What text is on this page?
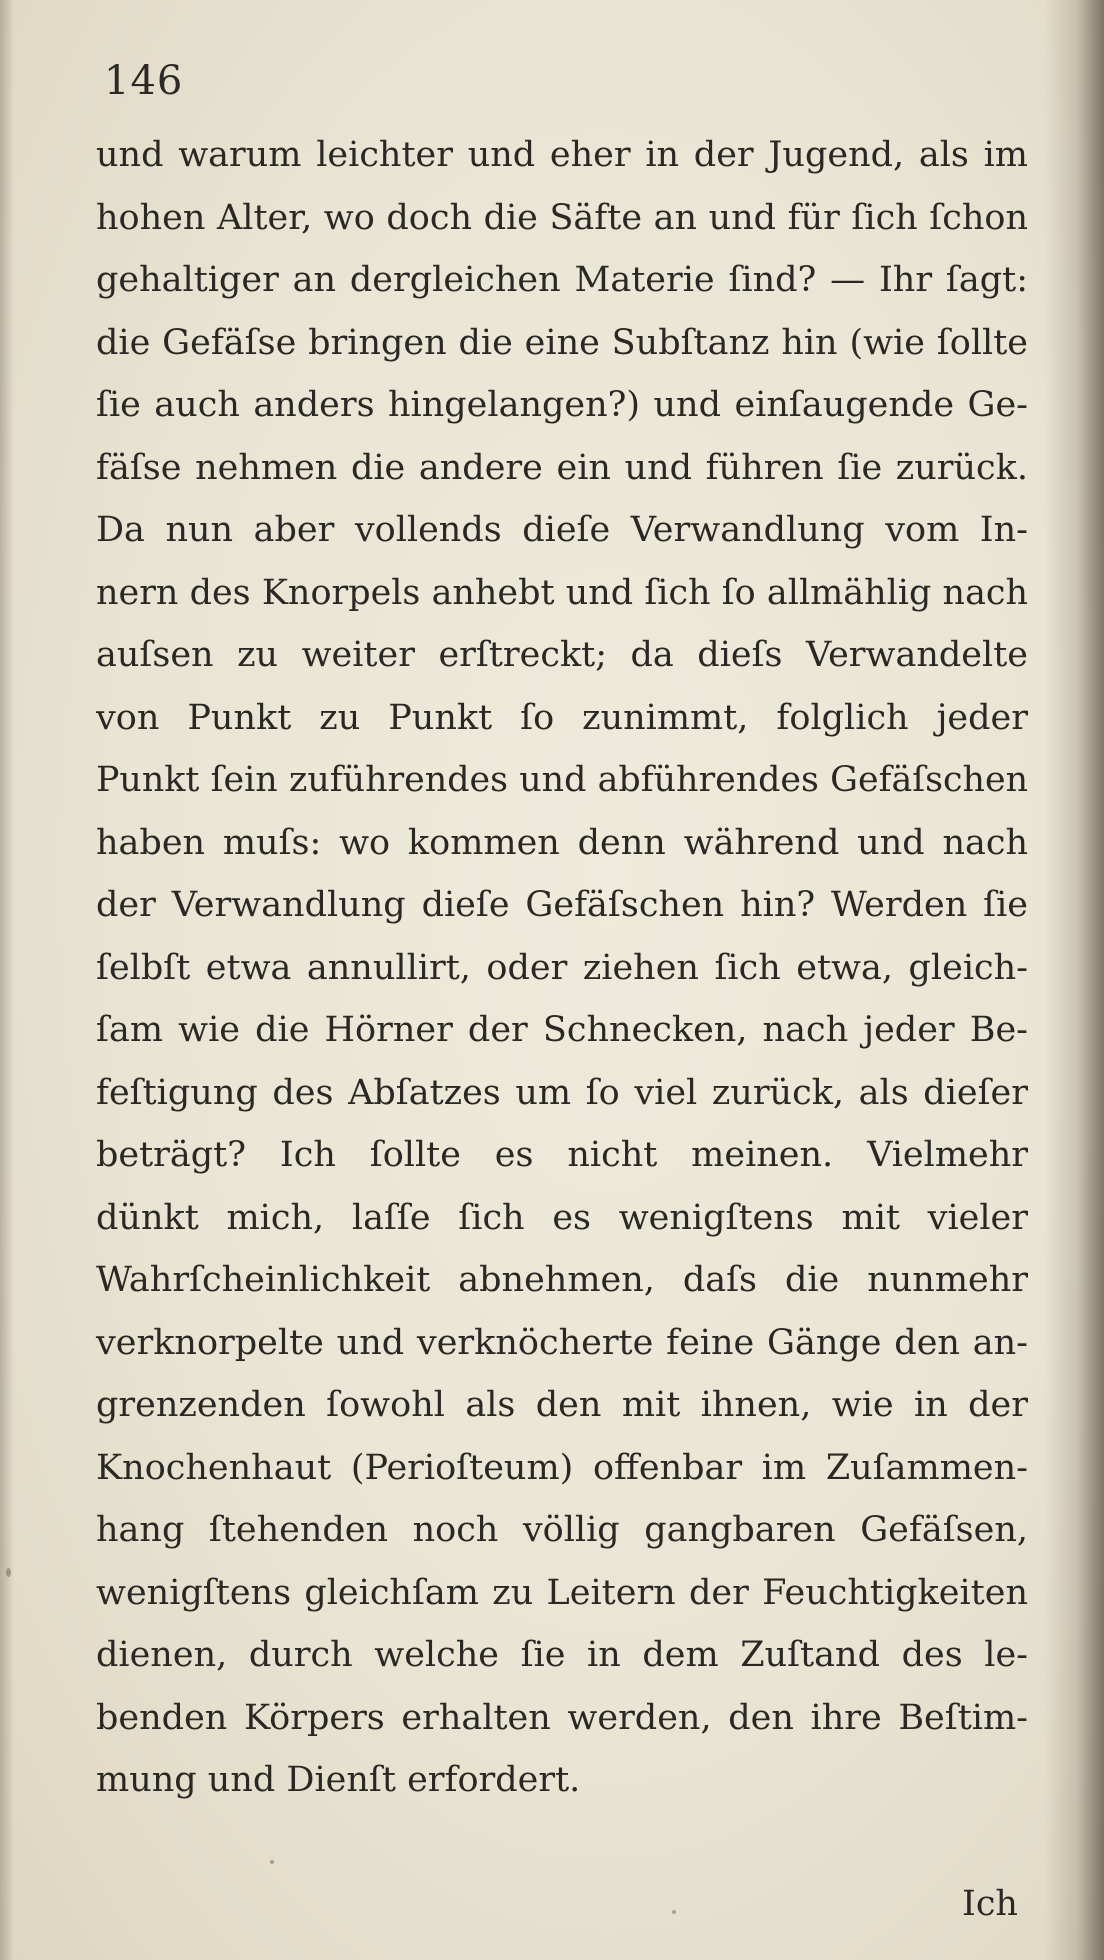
146
und warum leichter und eher in der Jugend, als im
hohen Alter, wo doch die Säfte an und für ſich ſchon
gehaltiger an dergleichen Materie ſind? — Ihr ſagt:
die Gefäſse bringen die eine Subſtanz hin (wie ſollte
ſie auch anders hingelangen?) und einſaugende Ge-
fäſse nehmen die andere ein und führen ſie zurück.
Da nun aber vollends dieſe Verwandlung vom In-
nern des Knorpels anhebt und ſich ſo allmählig nach
auſsen zu weiter erſtreckt; da dieſs Verwandelte
von Punkt zu Punkt ſo zunimmt, folglich jeder
Punkt ſein zuführendes und abführendes Gefäſschen
haben muſs: wo kommen denn während und nach
der Verwandlung dieſe Gefäſschen hin? Werden ſie
ſelbſt etwa annullirt, oder ziehen ſich etwa, gleich-
ſam wie die Hörner der Schnecken, nach jeder Be-
feſtigung des Abſatzes um ſo viel zurück, als dieſer
beträgt? Ich ſollte es nicht meinen. Vielmehr
dünkt mich, laſſe ſich es wenigſtens mit vieler
Wahrſcheinlichkeit abnehmen, daſs die nunmehr
verknorpelte und verknöcherte feine Gänge den an-
grenzenden ſowohl als den mit ihnen, wie in der
Knochenhaut (Perioſteum) offenbar im Zuſammen-
hang ſtehenden noch völlig gangbaren Gefäſsen,
wenigſtens gleichſam zu Leitern der Feuchtigkeiten
dienen, durch welche ſie in dem Zuſtand des le-
benden Körpers erhalten werden, den ihre Beſtim-
mung und Dienſt erfordert.
Ich
